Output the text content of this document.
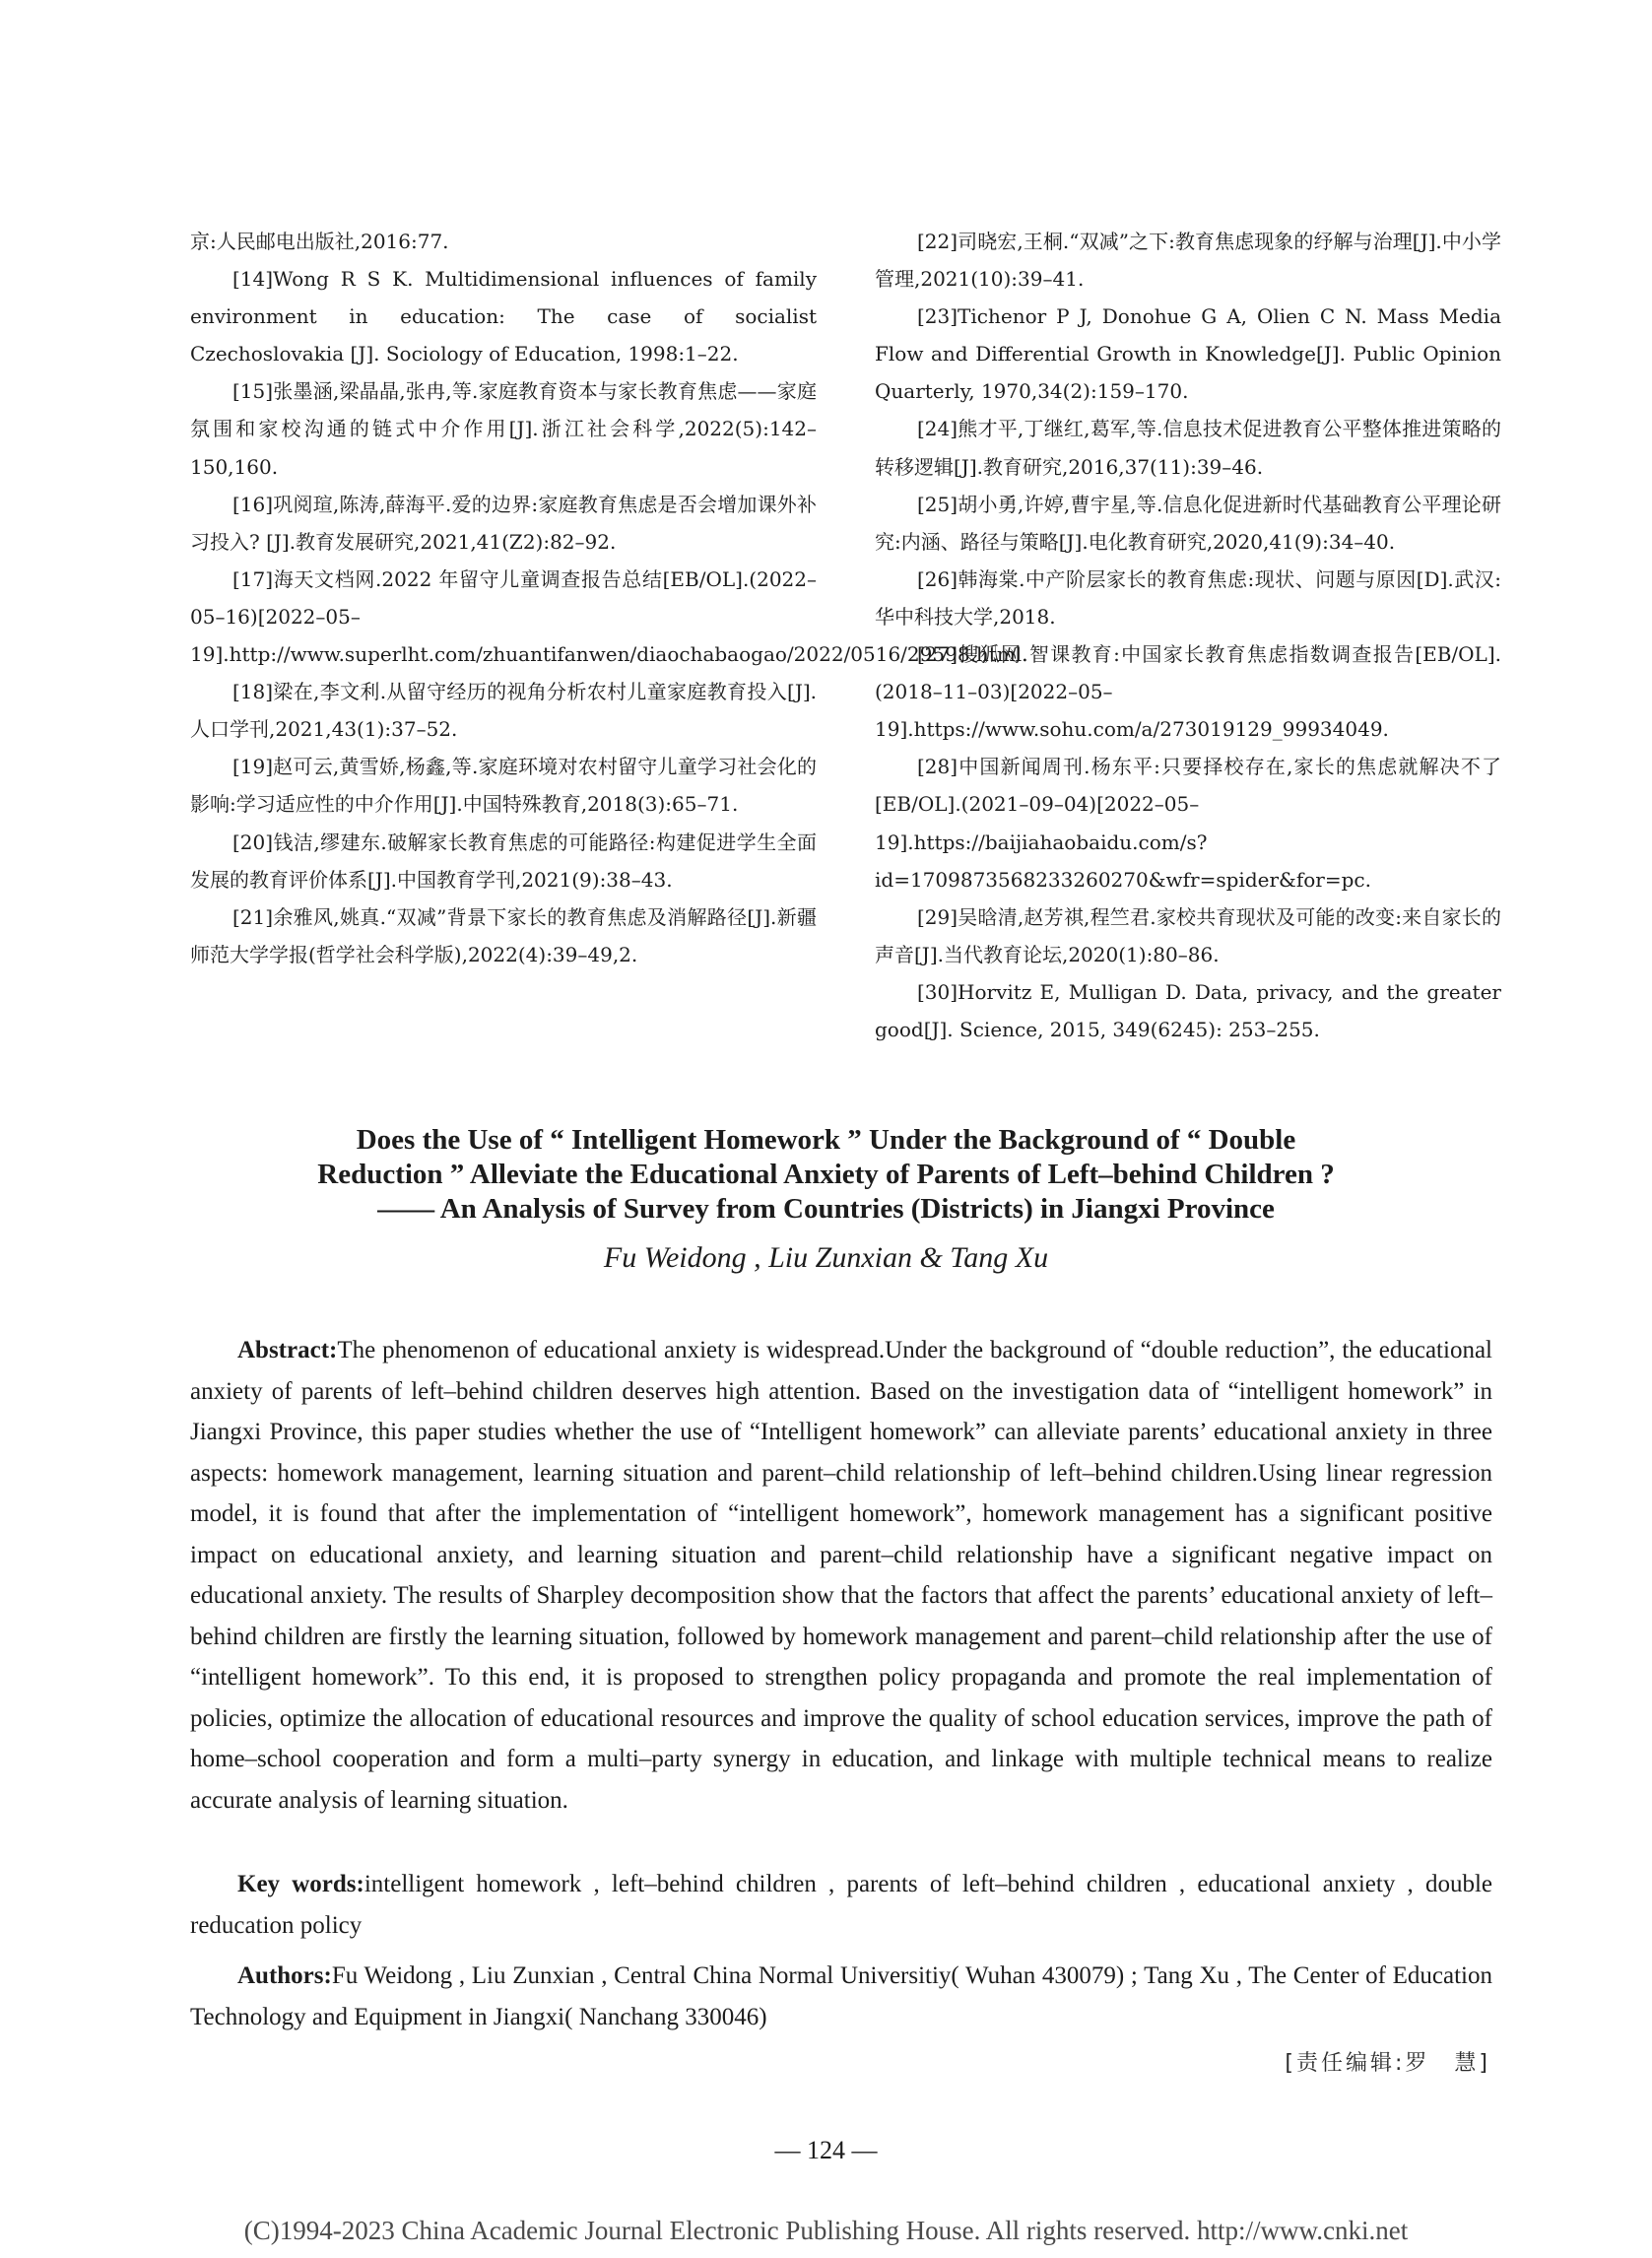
京:人民邮电出版社,2016:77.

[14]Wong R S K. Multidimensional influences of family environment in education: The case of socialist Czechoslovakia [J]. Sociology of Education, 1998:1–22.

[15]张墨涵,梁晶晶,张冉,等.家庭教育资本与家长教育焦虑——家庭氛围和家校沟通的链式中介作用[J].浙江社会科学,2022(5):142–150,160.

[16]巩阅瑄,陈涛,薛海平.爱的边界:家庭教育焦虑是否会增加课外补习投入? [J].教育发展研究,2021,41(Z2):82–92.

[17]海天文档网.2022 年留守儿童调查报告总结[EB/OL].(2022–05–16)[2022–05–19].http://www.superlht.com/zhuantifanwen/diaochabaogao/2022/0516/29598.html.

[18]梁在,李文利.从留守经历的视角分析农村儿童家庭教育投入[J].人口学刊,2021,43(1):37–52.

[19]赵可云,黄雪娇,杨鑫,等.家庭环境对农村留守儿童学习社会化的影响:学习适应性的中介作用[J].中国特殊教育,2018(3):65–71.

[20]钱洁,缪建东.破解家长教育焦虑的可能路径:构建促进学生全面发展的教育评价体系[J].中国教育学刊,2021(9):38–43.

[21]余雅风,姚真.“双减”背景下家长的教育焦虑及消解路径[J].新疆师范大学学报(哲学社会科学版),2022(4):39–49,2.

[22]司晓宏,王桐.“双减”之下:教育焦虑现象的纾解与治理[J].中小学管理,2021(10):39–41.

[23]Tichenor P J, Donohue G A, Olien C N. Mass Media Flow and Differential Growth in Knowledge[J]. Public Opinion Quarterly, 1970,34(2):159–170.

[24]熊才平,丁继红,葛军,等.信息技术促进教育公平整体推进策略的转移逻辑[J].教育研究,2016,37(11):39–46.

[25]胡小勇,许婷,曹宇星,等.信息化促进新时代基础教育公平理论研究:内涵、路径与策略[J].电化教育研究,2020,41(9):34–40.

[26]韩海棠.中产阶层家长的教育焦虑:现状、问题与原因[D].武汉:华中科技大学,2018.

[27]搜狐网.智课教育:中国家长教育焦虑指数调查报告[EB/OL].(2018–11–03)[2022–05–19].https://www.sohu.com/a/273019129_99934049.

[28]中国新闻周刊.杨东平:只要择校存在,家长的焦虑就解决不了[EB/OL].(2021–09–04)[2022–05–19].https://baijiahaobaidu.com/s?id=1709873568233260270&wfr=spider&for=pc.

[29]吴晗清,赵芳祺,程竺君.家校共育现状及可能的改变:来自家长的声音[J].当代教育论坛,2020(1):80–86.

[30]Horvitz E, Mulligan D. Data, privacy, and the greater good[J]. Science, 2015, 349(6245): 253–255.

Does the Use of “ Intelligent Homework ” Under the Background of “ Double
Reduction ” Alleviate the Educational Anxiety of Parents of Left–behind Children ?
—— An Analysis of Survey from Countries (Districts) in Jiangxi Province
Fu Weidong , Liu Zunxian & Tang Xu

Abstract:The phenomenon of educational anxiety is widespread.Under the background of “double reduction”, the educational anxiety of parents of left–behind children deserves high attention. Based on the investigation data of “intelligent homework” in Jiangxi Province, this paper studies whether the use of “Intelligent homework” can alleviate parents’ educational anxiety in three aspects: homework management, learning situation and parent–child relationship of left–behind children.Using linear regression model, it is found that after the implementation of “intelligent homework”, homework management has a significant positive impact on educational anxiety, and learning situation and parent–child relationship have a significant negative impact on educational anxiety. The results of Sharpley decomposition show that the factors that affect the parents’ educational anxiety of left–behind children are firstly the learning situation, followed by homework management and parent–child relationship after the use of “intelligent homework”. To this end, it is proposed to strengthen policy propaganda and promote the real implementation of policies, optimize the allocation of educational resources and improve the quality of school education services, improve the path of home–school cooperation and form a multi–party synergy in education, and linkage with multiple technical means to realize accurate analysis of learning situation.

Key words:intelligent homework , left–behind children , parents of left–behind children , educational anxiety , double reducation policy

Authors:Fu Weidong , Liu Zunxian , Central China Normal Universitiy( Wuhan 430079) ; Tang Xu , The Center of Education Technology and Equipment in Jiangxi( Nanchang 330046)

[责任编辑:罗　慧]
— 124 —
(C)1994-2023 China Academic Journal Electronic Publishing House. All rights reserved. http://www.cnki.net
